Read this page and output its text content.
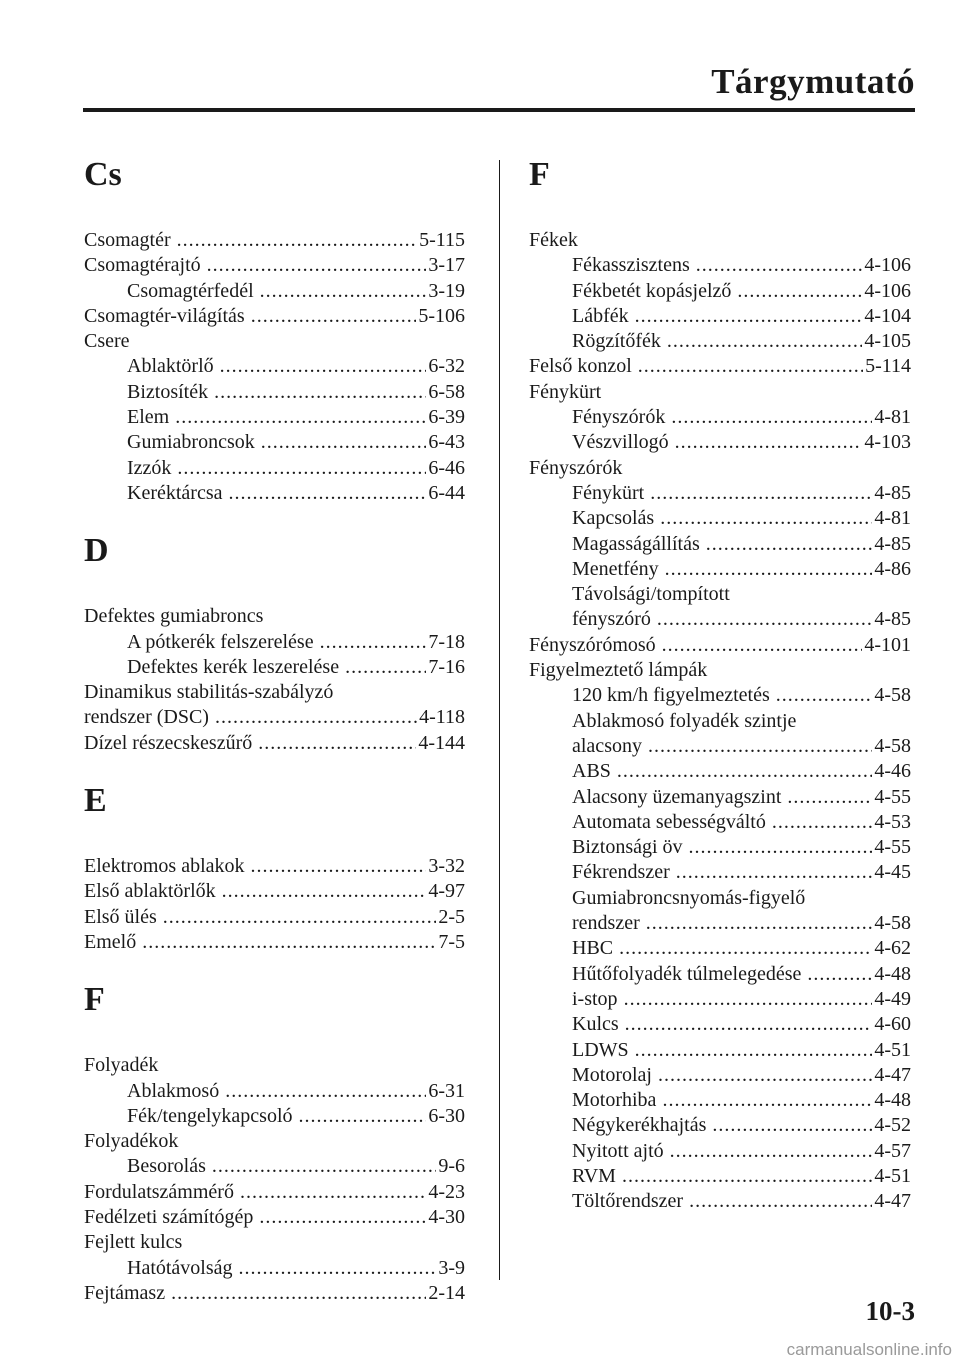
Tárgymutató
Cs
Csomagtér .....	5-115
Csomagtérajtó .....	3-17
Csomagtérfedél .....	3-19
Csomagtér-világítás .....	5-106
Csere
Ablaktörlő .....	6-32
Biztosíték .....	6-58
Elem .....	6-39
Gumiabroncsok .....	6-43
Izzók .....	6-46
Keréktárcsa .....	6-44
D
Defektes gumiabroncs
A pótkerék felszerelése .....	7-18
Defektes kerék leszerelése .....	7-16
Dinamikus stabilitás-szabályzó
rendszer (DSC) .....	4-118
Dízel részecskeszűrő .....	4-144
E
Elektromos ablakok .....	3-32
Első ablaktörlők .....	4-97
Első ülés .....	2-5
Emelő .....	7-5
F
Folyadék
Ablakmosó .....	6-31
Fék/tengelykapcsoló .....	6-30
Folyadékok
Besorolás .....	9-6
Fordulatszámmérő .....	4-23
Fedélzeti számítógép .....	4-30
Fejlett kulcs
Hatótávolság .....	3-9
Fejtámasz .....	2-14
F
Fékek
Fékasszisztens .....	4-106
Fékbetét kopásjelző .....	4-106
Lábfék .....	4-104
Rögzítőfék .....	4-105
Felső konzol .....	5-114
Fénykürt
Fényszórók .....	4-81
Vészvillogó .....	4-103
Fényszórók
Fénykürt .....	4-85
Kapcsolás .....	4-81
Magasságállítás .....	4-85
Menetfény .....	4-86
Távolsági/tompított
fényszóró .....	4-85
Fényszórómosó .....	4-101
Figyelmeztető lámpák
120 km/h figyelmeztetés .....	4-58
Ablakmosó folyadék szintje
alacsony .....	4-58
ABS .....	4-46
Alacsony üzemanyagszint .....	4-55
Automata sebességváltó .....	4-53
Biztonsági öv .....	4-55
Fékrendszer .....	4-45
Gumiabroncsnyomás-figyelő
rendszer .....	4-58
HBC .....	4-62
Hűtőfolyadék túlmelegedése .....	4-48
i-stop .....	4-49
Kulcs .....	4-60
LDWS .....	4-51
Motorolaj .....	4-47
Motorhiba .....	4-48
Négykerékhajtás .....	4-52
Nyitott ajtó .....	4-57
RVM .....	4-51
Töltőrendszer .....	4-47
10-3
carmanualsonline.info
